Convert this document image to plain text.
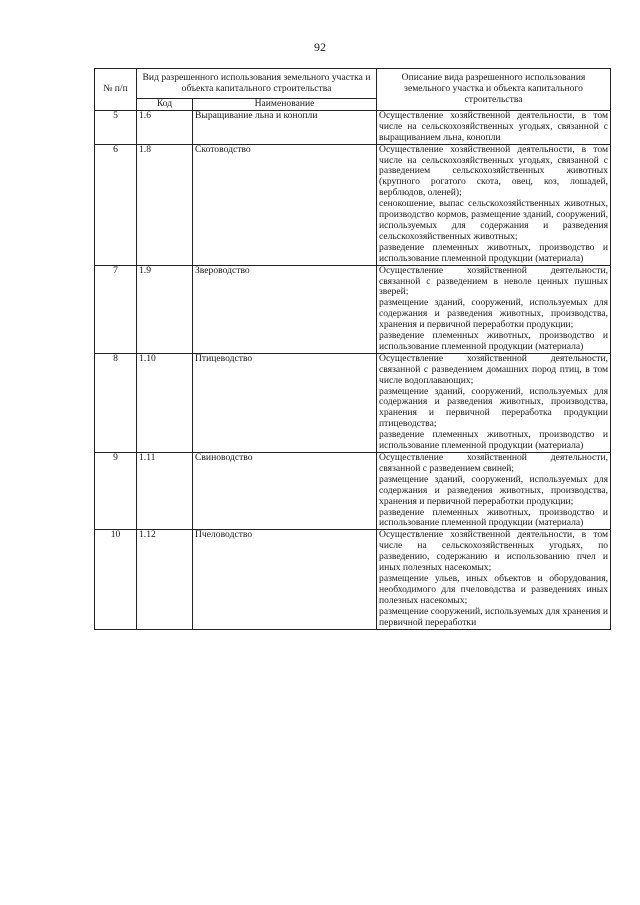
92
№ п/п	Вид разрешенного использования земельного участка и объекта капитального строительства		Описание вида разрешенного использования земельного участка и объекта капитального строительства
	Код	Наименование	
5	1.6	Выращивание льна и конопли	Осуществление хозяйственной деятельности, в том числе на сельскохозяйственных угодьях, связанной с выращиванием льна, конопли

6	1.8	Скотоводство	Осуществление хозяйственной деятельности, в том числе на сельскохозяйственных угодьях, связанной с разведением сельскохозяйственных животных (крупного рогатого скота, овец, коз, лошадей, верблюдов, оленей);

сенокошение, выпас сельскохозяйственных животных, производство кормов, размещение зданий, сооружений, используемых для содержания и разведения сельскохозяйственных животных;

разведение племенных животных, производство и использование племенной продукции (материала)

7	1.9	Звероводство	Осуществление хозяйственной деятельности, связанной с разведением в неволе ценных пушных зверей;

размещение зданий, сооружений, используемых для содержания и разведения животных, производства, хранения и первичной переработки продукции;

разведение племенных животных, производство и использование племенной продукции (материала)

8	1.10	Птицеводство	Осуществление хозяйственной деятельности, связанной с разведением домашних пород птиц, в том числе водоплавающих;

размещение зданий, сооружений, используемых для содержания и разведения животных, производства, хранения и первичной переработка продукции птицеводства;

разведение племенных животных, производство и использование племенной продукции (материала)

9	1.11	Свиноводство	Осуществление хозяйственной деятельности, связанной с разведением свиней;

размещение зданий, сооружений, используемых для содержания и разведения животных, производства, хранения и первичной переработки продукции;

разведение племенных животных, производство и использование племенной продукции (материала)

10	1.12	Пчеловодство	Осуществление хозяйственной деятельности, в том числе на сельскохозяйственных угодьях, по разведению, содержанию и использованию пчел и иных полезных насекомых;

размещение ульев, иных объектов и оборудования, необходимого для пчеловодства и разведениях иных полезных насекомых;

размещение сооружений, используемых для хранения и первичной переработки
